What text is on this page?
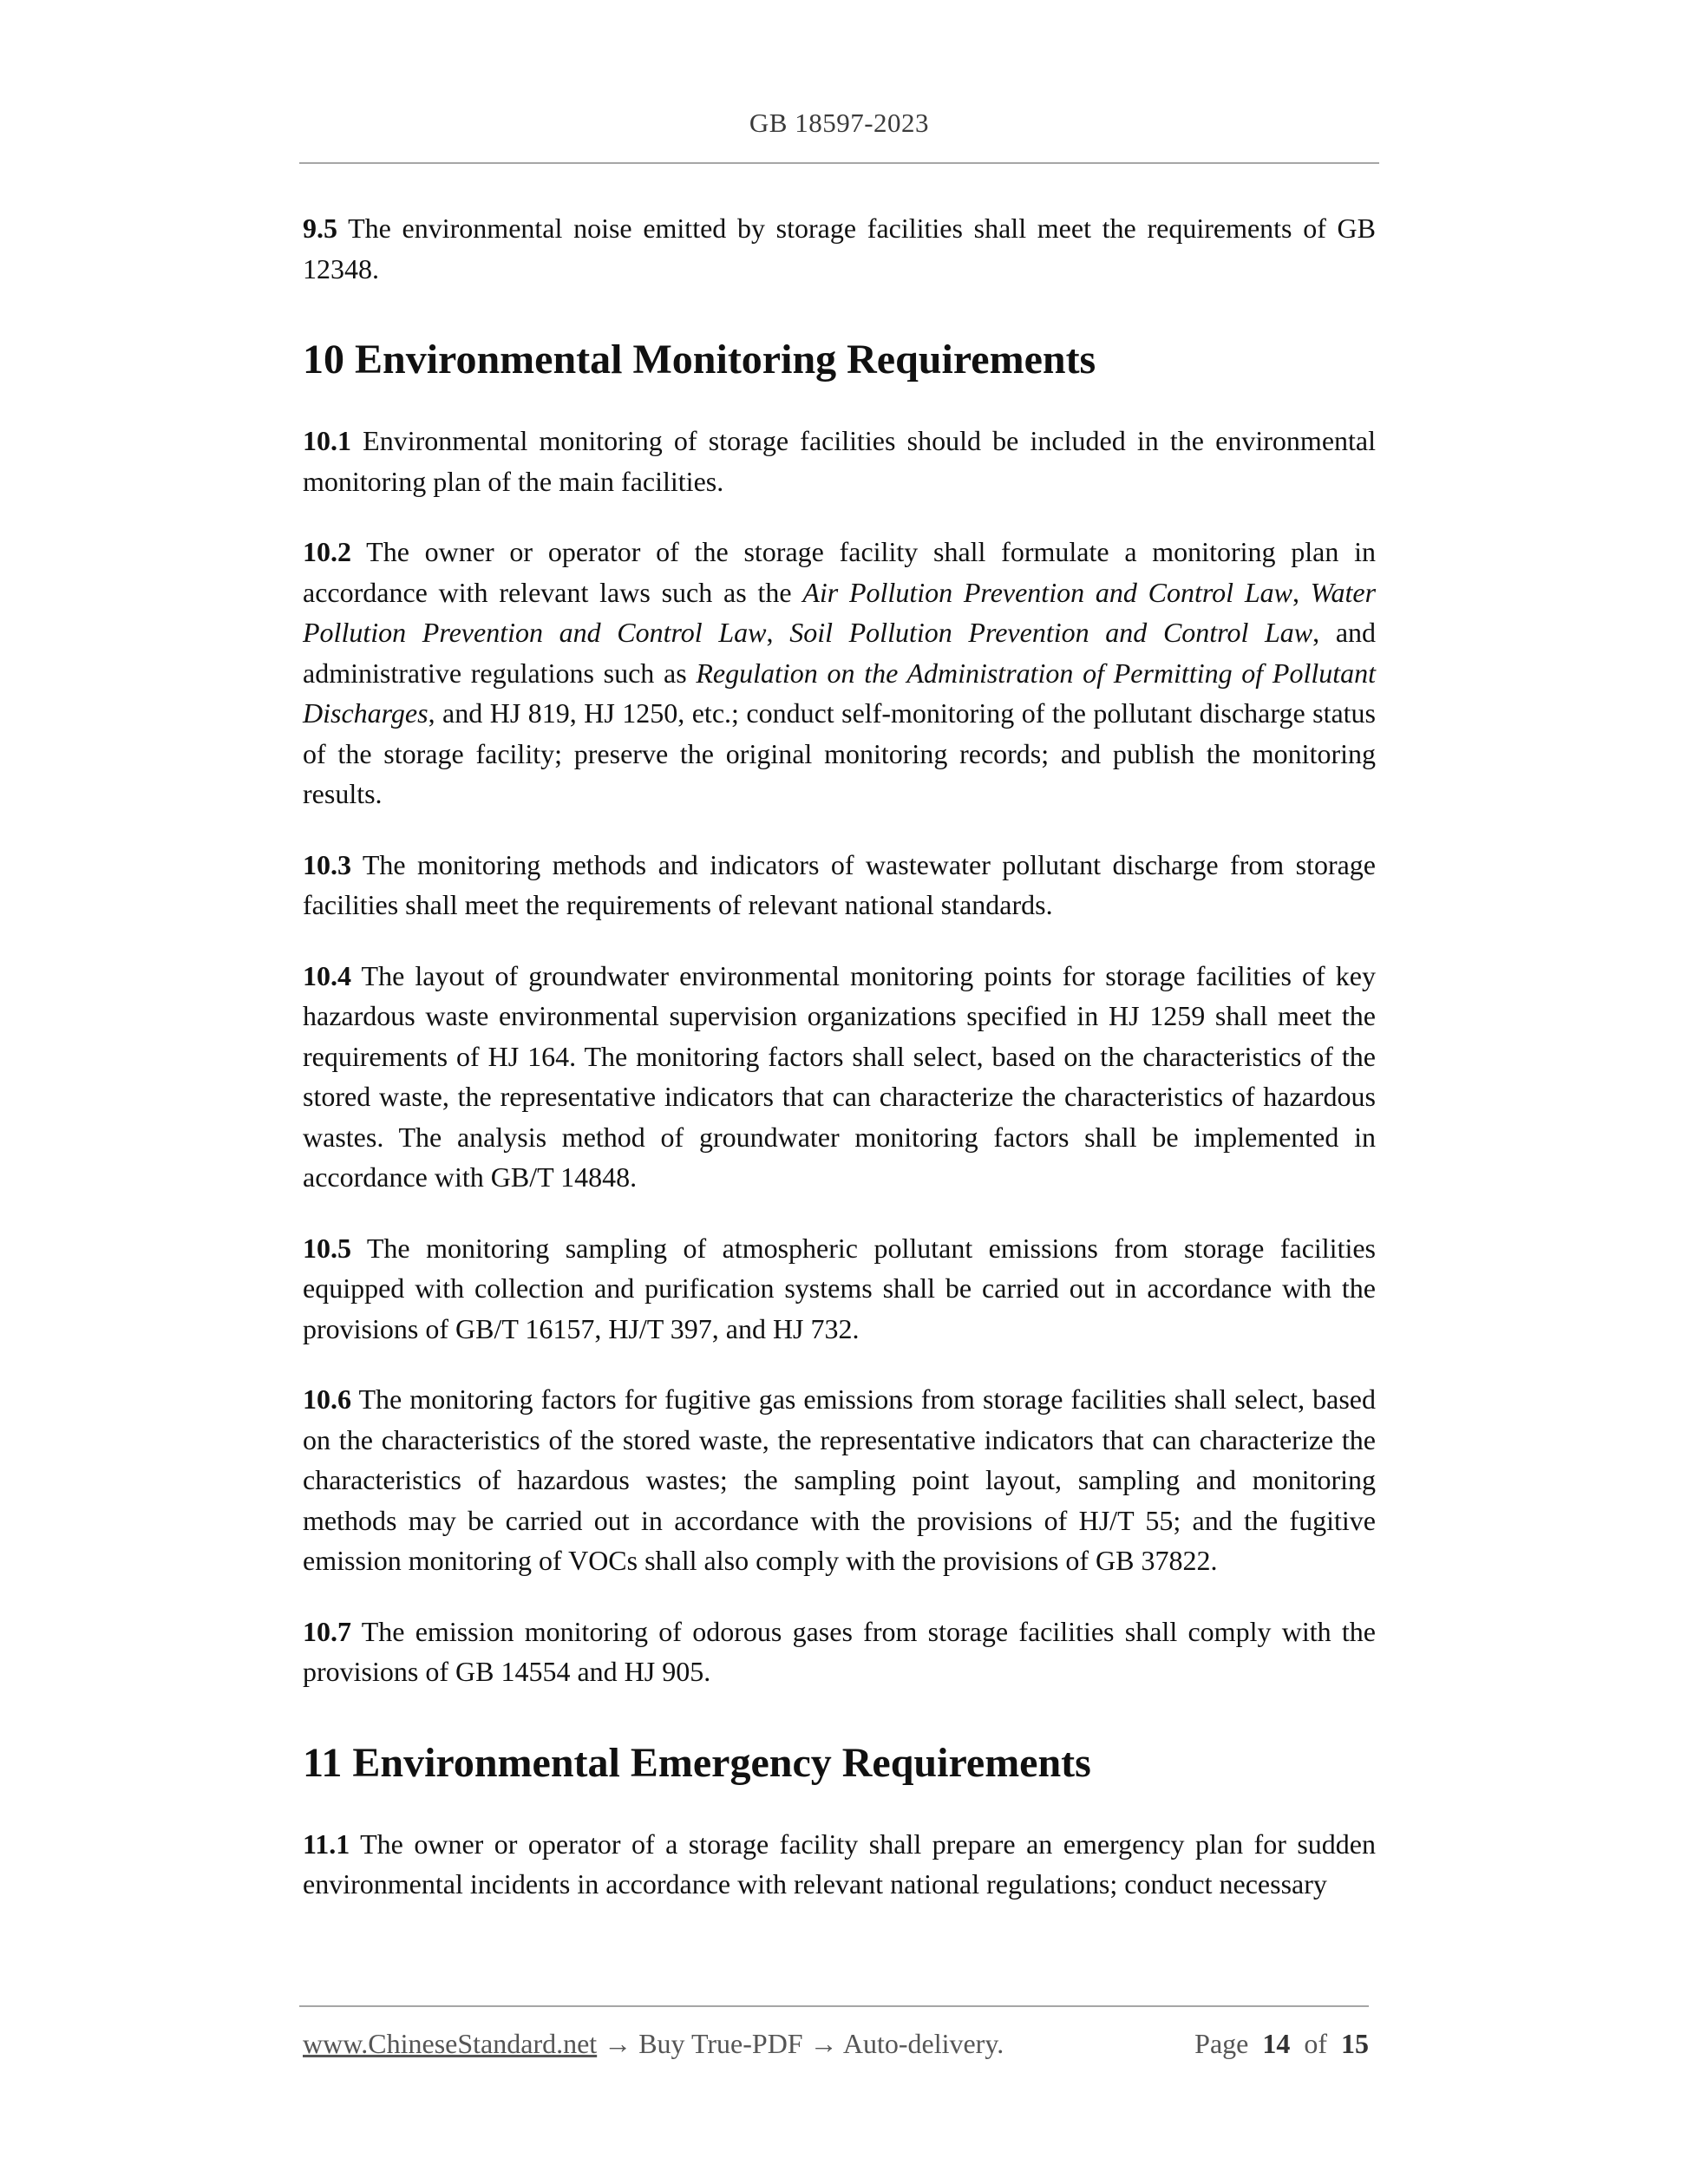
GB 18597-2023

9.5 The environmental noise emitted by storage facilities shall meet the requirements of GB 12348.

10 Environmental Monitoring Requirements

10.1 Environmental monitoring of storage facilities should be included in the environmental monitoring plan of the main facilities.

10.2 The owner or operator of the storage facility shall formulate a monitoring plan in accordance with relevant laws such as the Air Pollution Prevention and Control Law, Water Pollution Prevention and Control Law, Soil Pollution Prevention and Control Law, and administrative regulations such as Regulation on the Administration of Permitting of Pollutant Discharges, and HJ 819, HJ 1250, etc.; conduct self-monitoring of the pollutant discharge status of the storage facility; preserve the original monitoring records; and publish the monitoring results.

10.3 The monitoring methods and indicators of wastewater pollutant discharge from storage facilities shall meet the requirements of relevant national standards.

10.4 The layout of groundwater environmental monitoring points for storage facilities of key hazardous waste environmental supervision organizations specified in HJ 1259 shall meet the requirements of HJ 164. The monitoring factors shall select, based on the characteristics of the stored waste, the representative indicators that can characterize the characteristics of hazardous wastes. The analysis method of groundwater monitoring factors shall be implemented in accordance with GB/T 14848.

10.5 The monitoring sampling of atmospheric pollutant emissions from storage facilities equipped with collection and purification systems shall be carried out in accordance with the provisions of GB/T 16157, HJ/T 397, and HJ 732.

10.6 The monitoring factors for fugitive gas emissions from storage facilities shall select, based on the characteristics of the stored waste, the representative indicators that can characterize the characteristics of hazardous wastes; the sampling point layout, sampling and monitoring methods may be carried out in accordance with the provisions of HJ/T 55; and the fugitive emission monitoring of VOCs shall also comply with the provisions of GB 37822.

10.7 The emission monitoring of odorous gases from storage facilities shall comply with the provisions of GB 14554 and HJ 905.

11 Environmental Emergency Requirements

11.1 The owner or operator of a storage facility shall prepare an emergency plan for sudden environmental incidents in accordance with relevant national regulations; conduct necessary

www.ChineseStandard.net → Buy True-PDF → Auto-delivery.	Page 14 of 15
